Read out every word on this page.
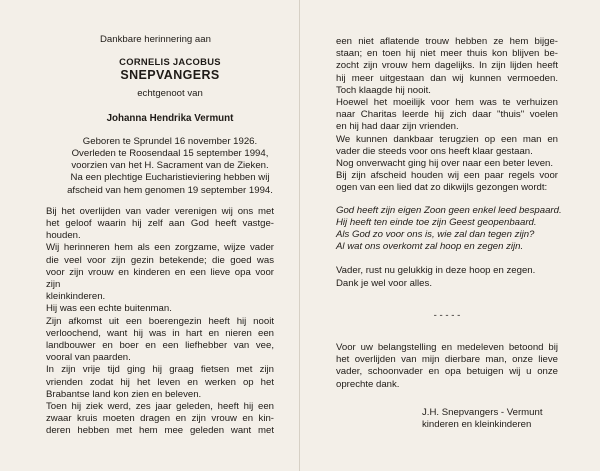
Dankbare herinnering aan
CORNELIS JACOBUS
SNEPVANGERS
echtgenoot van
Johanna Hendrika Vermunt
Geboren te Sprundel 16 november 1926.
Overleden te Roosendaal 15 september 1994,
voorzien van het H. Sacrament van de Zieken.
Na een plechtige Eucharistieviering hebben wij
afscheid van hem genomen 19 september 1994.
Bij het overlijden van vader verenigen wij ons met
het geloof waarin hij zelf aan God heeft vastge-
houden.
Wij herinneren hem als een zorgzame, wijze vader
die veel voor zijn gezin betekende; die goed was
voor zijn vrouw en kinderen en een lieve opa voor zijn
kleinkinderen.
Hij was een echte buitenman.
Zijn afkomst uit een boerengezin heeft hij nooit
verloochend, want hij was in hart en nieren een
landbouwer en boer en een liefhebber van vee,
vooral van paarden.
In zijn vrije tijd ging hij graag fietsen met zijn
vrienden zodat hij het leven en werken op het
Brabantse land kon zien en beleven.
Toen hij ziek werd, zes jaar geleden, heeft hij een
zwaar kruis moeten dragen en zijn vrouw en kin-
deren hebben met hem mee geleden want met
een niet aflatende trouw hebben ze hem bijge-
staan; en toen hij niet meer thuis kon blijven be-
zocht zijn vrouw hem dagelijks. In zijn lijden heeft
hij meer uitgestaan dan wij kunnen vermoeden.
Toch klaagde hij nooit.
Hoewel het moeilijk voor hem was te verhuizen
naar Charitas leerde hij zich daar "thuis" voelen
en hij had daar zijn vrienden.
We kunnen dankbaar terugzien op een man en
vader die steeds voor ons heeft klaar gestaan.
Nog onverwacht ging hij over naar een beter leven.
Bij zijn afscheid houden wij een paar regels voor
ogen van een lied dat zo dikwijls gezongen wordt:
God heeft zijn eigen Zoon geen enkel leed bespaard.
Hij heeft ten einde toe zijn Geest geopenbaard.
Als God zo voor ons is, wie zal dan tegen zijn?
Al wat ons overkomt zal hoop en zegen zijn.
Vader, rust nu gelukkig in deze hoop en zegen.
Dank je wel voor alles.
- - - - -
Voor uw belangstelling en medeleven betoond bij
het overlijden van mijn dierbare man, onze lieve
vader, schoonvader en opa betuigen wij u onze
oprechte dank.
J.H. Snepvangers - Vermunt
kinderen en kleinkinderen
